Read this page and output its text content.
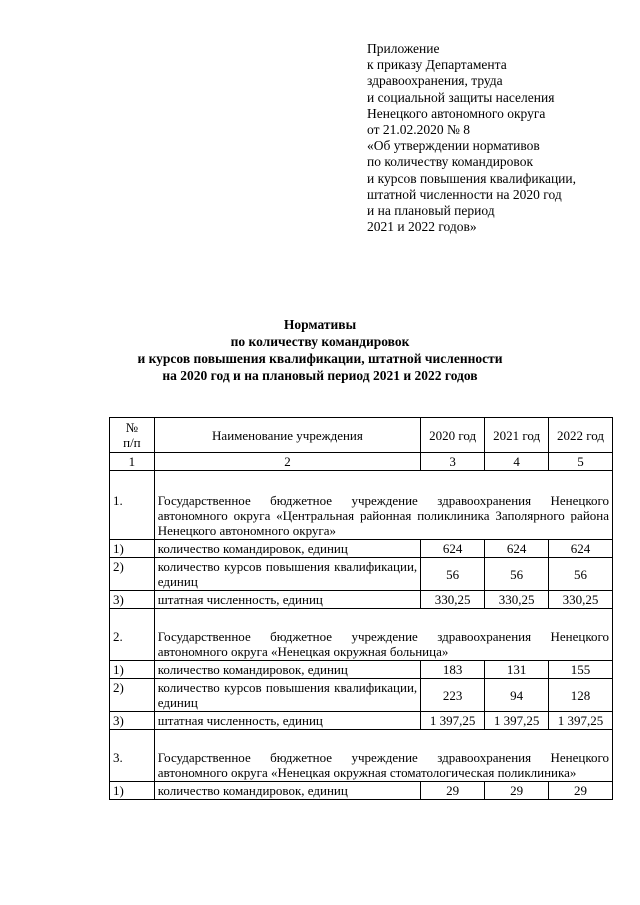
Приложение
к приказу Департамента
здравоохранения, труда
и социальной защиты населения
Ненецкого автономного округа
от 21.02.2020 № 8
«Об утверждении нормативов
по количеству командировок
и курсов повышения квалификации,
штатной численности на 2020 год
и на плановый период
2021 и 2022 годов»
Нормативы
по количеству командировок
и курсов повышения квалификации, штатной численности
на 2020 год и на плановый период 2021 и 2022 годов
№ п/п	Наименование учреждения	2020 год	2021 год	2022 год
1	2	3	4	5
1.	Государственное бюджетное учреждение здравоохранения Ненецкого автономного округа «Центральная районная поликлиника Заполярного района Ненецкого автономного округа»			
1)	количество командировок, единиц	624	624	624
2)	количество курсов повышения квалификации, единиц	56	56	56
3)	штатная численность, единиц	330,25	330,25	330,25
2.	Государственное бюджетное учреждение здравоохранения Ненецкого автономного округа «Ненецкая окружная больница»			
1)	количество командировок, единиц	183	131	155
2)	количество курсов повышения квалификации, единиц	223	94	128
3)	штатная численность, единиц	1 397,25	1 397,25	1 397,25
3.	Государственное бюджетное учреждение здравоохранения Ненецкого автономного округа «Ненецкая окружная стоматологическая поликлиника»			
1)	количество командировок, единиц	29	29	29
